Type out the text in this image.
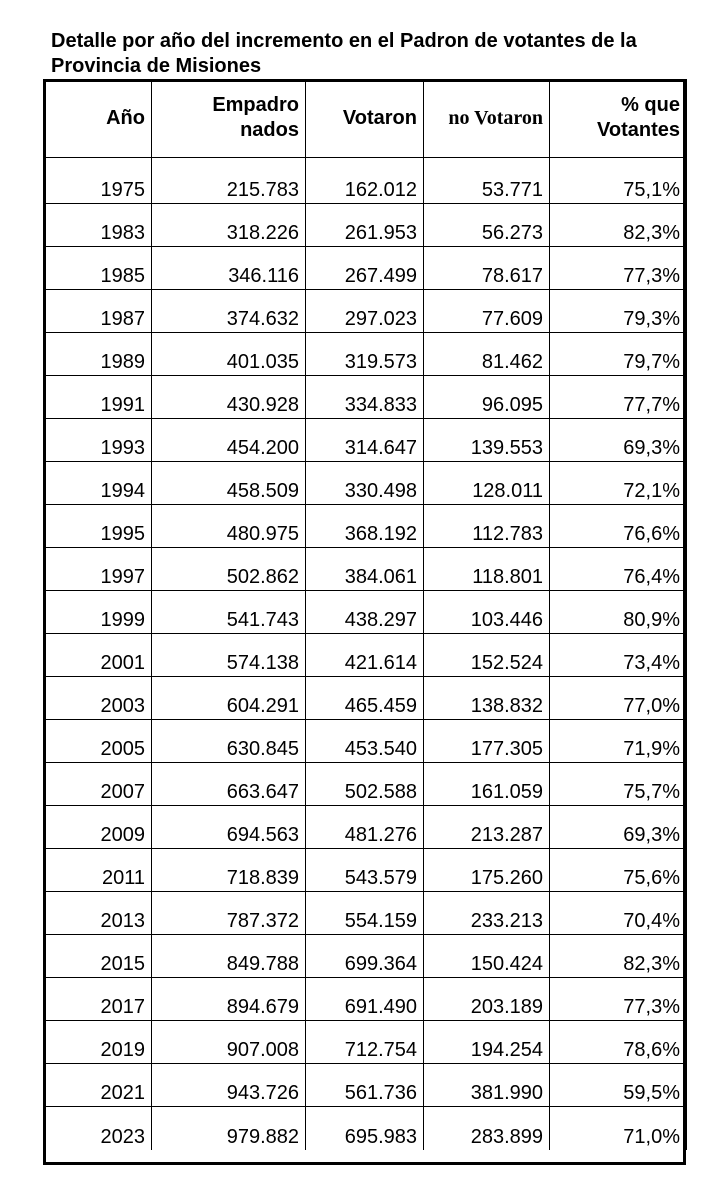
Detalle por año del incremento en el Padron de votantes de la Provincia de Misiones
Año	Empadro nados	Votaron	no Votaron	% que Votantes
1975	215.783	162.012	53.771	75,1%
1983	318.226	261.953	56.273	82,3%
1985	346.116	267.499	78.617	77,3%
1987	374.632	297.023	77.609	79,3%
1989	401.035	319.573	81.462	79,7%
1991	430.928	334.833	96.095	77,7%
1993	454.200	314.647	139.553	69,3%
1994	458.509	330.498	128.011	72,1%
1995	480.975	368.192	112.783	76,6%
1997	502.862	384.061	118.801	76,4%
1999	541.743	438.297	103.446	80,9%
2001	574.138	421.614	152.524	73,4%
2003	604.291	465.459	138.832	77,0%
2005	630.845	453.540	177.305	71,9%
2007	663.647	502.588	161.059	75,7%
2009	694.563	481.276	213.287	69,3%
2011	718.839	543.579	175.260	75,6%
2013	787.372	554.159	233.213	70,4%
2015	849.788	699.364	150.424	82,3%
2017	894.679	691.490	203.189	77,3%
2019	907.008	712.754	194.254	78,6%
2021	943.726	561.736	381.990	59,5%
2023	979.882	695.983	283.899	71,0%
